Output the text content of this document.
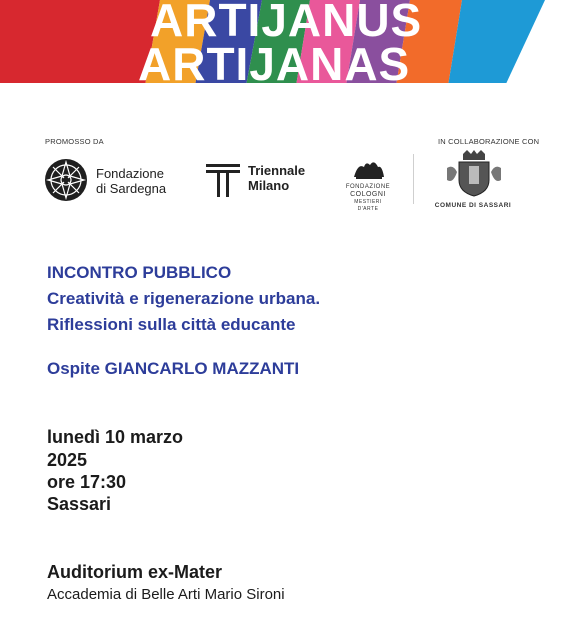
ARTIJANUS
ARTIJANAS
PROMOSSO DA	IN COLLABORAZIONE CON
Fondazione
di Sardegna
Triennale
Milano	FONDAZIONE
COLOGNI
MESTIERI D'ARTE	COMUNE DI SASSARI
INCONTRO PUBBLICO
Creatività e rigenerazione urbana.
Riflessioni sulla città educante
Ospite GIANCARLO MAZZANTI
lunedì 10 marzo
2025
ore 17:30
Sassari
Auditorium ex-Mater
Accademia di Belle Arti Mario Sironi
